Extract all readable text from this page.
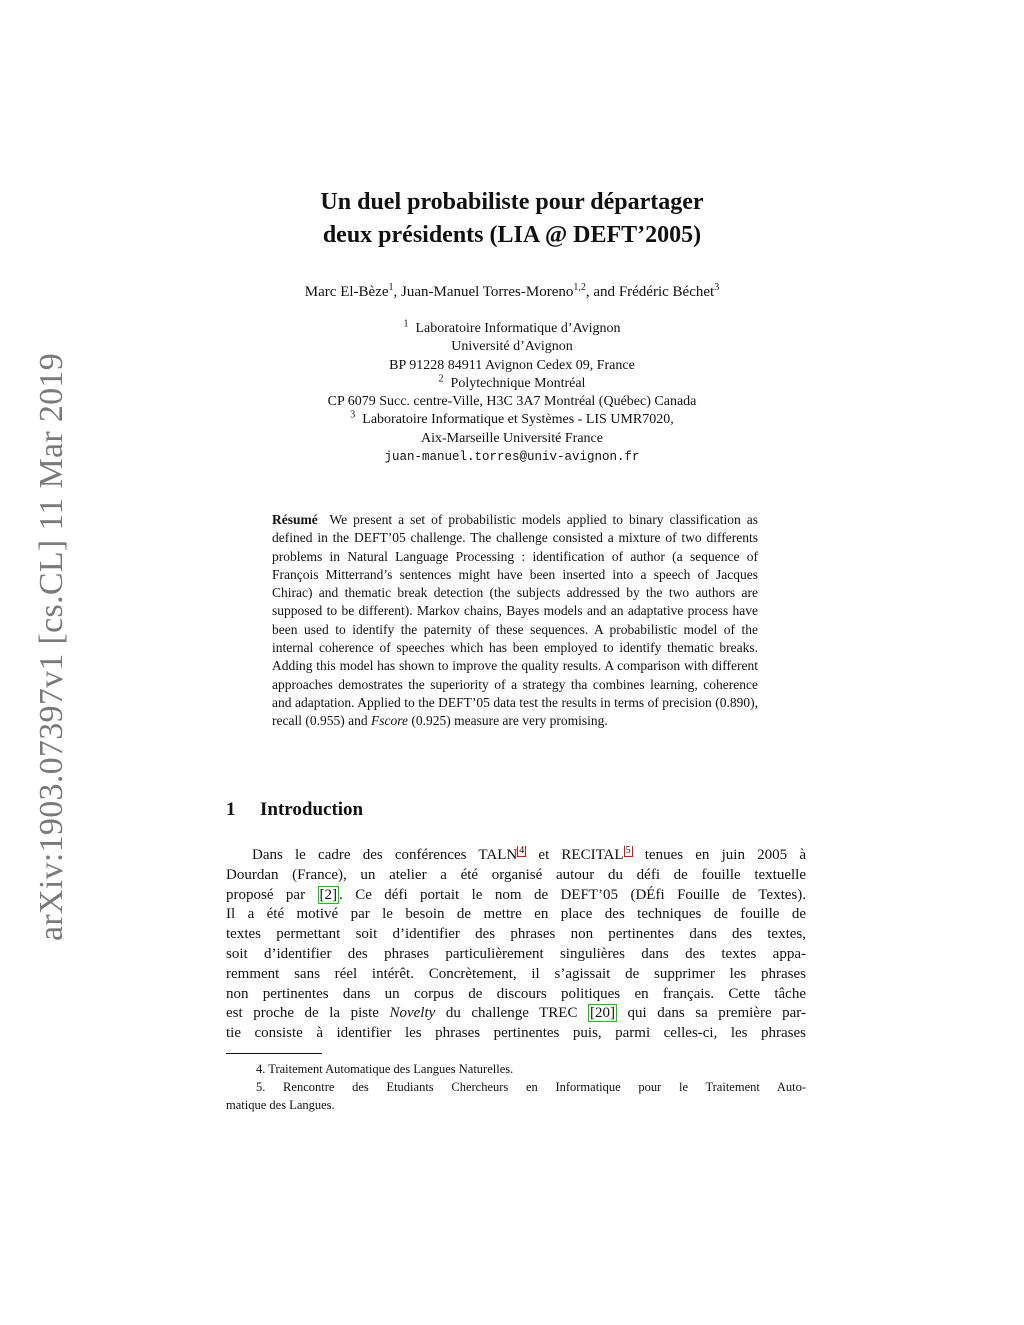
arXiv:1903.07397v1 [cs.CL] 11 Mar 2019
Un duel probabiliste pour départager
deux présidents (LIA @ DEFT’2005)
Marc El-Bèze$^1$, Juan-Manuel Torres-Moreno$^{1,2}$, and Frédéric Béchet$^3$
$^1$ Laboratoire Informatique d’Avignon
Université d’Avignon
BP 91228 84911 Avignon Cedex 09, France
$^2$ Polytechnique Montréal
CP 6079 Succ. centre-Ville, H3C 3A7 Montréal (Québec) Canada
$^3$ Laboratoire Informatique et Systèmes - LIS UMR7020,
Aix-Marseille Université France
juan-manuel.torres@univ-avignon.fr
Résumé We present a set of probabilistic models applied to binary classification as defined in the DEFT’05 challenge. The challenge consisted a mixture of two differents problems in Natural Language Processing : identification of author (a sequence of François Mitterrand’s sentences might have been inserted into a speech of Jacques Chirac) and thematic break detection (the subjects addressed by the two authors are supposed to be different). Markov chains, Bayes models and an adaptative process have been used to identify the paternity of these sequences. A probabilistic model of the internal coherence of speeches which has been employed to identify thematic breaks. Adding this model has shown to improve the quality results. A comparison with different approaches demostrates the superiority of a strategy tha combines learning, coherence and adaptation. Applied to the DEFT’05 data test the results in terms of precision (0.890), recall (0.955) and Fscore (0.925) measure are very promising.
1 Introduction
Dans le cadre des conférences TALN $^4$ et RECITAL $^5$ tenues en juin 2005 à
Dourdan (France), un atelier a été organisé autour du défi de fouille textuelle
proposé par [2] . Ce défi portait le nom de DEFT’05 (DÉfi Fouille de Textes).
Il a été motivé par le besoin de mettre en place des techniques de fouille de
textes permettant soit d’identifier des phrases non pertinentes dans des textes,
soit d’identifier des phrases particulièrement singulières dans des textes appa-
remment sans réel intérêt. Concrètement, il s’agissait de supprimer les phrases
non pertinentes dans un corpus de discours politiques en français. Cette tâche
est proche de la piste Novelty du challenge TREC [20] qui dans sa première par-
tie consiste à identifier les phrases pertinentes puis, parmi celles-ci, les phrases
4. Traitement Automatique des Langues Naturelles.
5. Rencontre des Etudiants Chercheurs en Informatique pour le Traitement Auto-
matique des Langues.
